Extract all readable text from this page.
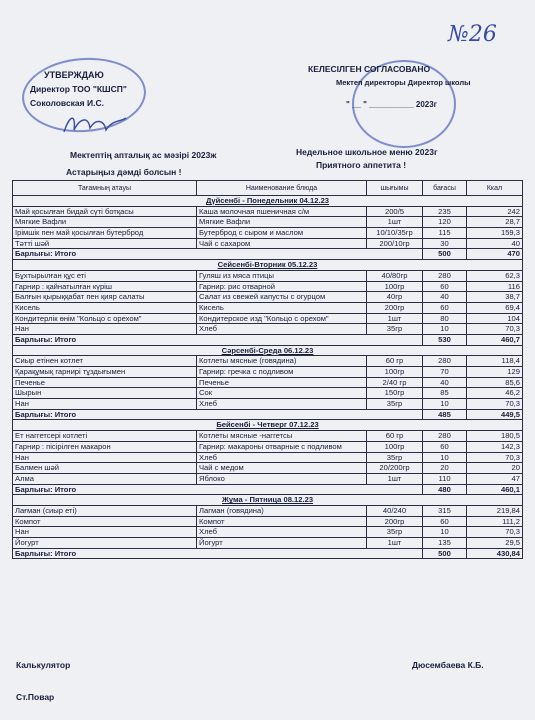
№26
УТВЕРЖДАЮ
Директор ТОО "КШСП"
Соколовская И.С.
КЕЛЕСІЛГЕН СОГЛАСОВАНО
Мектеп директоры Директор школы
" __ " __________ 2023г
Мектептің апталық ас мәзірі 2023ж	Недельное школьное меню 2023г
Астарыңыз дәмді болсын !
Приятного аппетита !
Тағамның атауы	Наименование блюда	шығымы	бағасы	Ккал
Дүйсенбі - Понедельник 04.12.23				
Май қосылған бидай сүті ботқасы	Каша молочная пшеничная с/м	200/5	235	242
Мягкие Вафли	Мягкие Вафли	1шт	120	28,7
Ірімшік пен май қосылған бутерброд	Бутерброд с сыром и маслом	10/10/35гр	115	159,3
Тәтті шәй	Чай с сахаром	200/10гр	30	40
Барлығы: Итого			500	470
Сейсенбі-Вторник 05.12.23				
Бұхтырылған құс еті	Гуляш из мяса птицы	40/80гр	280	62,3
Гарнир : қайнатылған күріш	Гарнир: рис отварной	100гр	60	116
Балғын қырыққабат пен қияр салаты	Салат из свежей капусты с огурцом	40гр	40	38,7
Кисель	Кисель	200гр	60	69,4
Кондитерлік өнім "Кольцо с орехом"	Кондитерское изд "Кольцо с орехом"	1шт	80	104
Нан	Хлеб	35гр	10	70,3
Барлығы: Итого			530	460,7
Сәрсенбі-Среда 06.12.23				
Сиыр етінен котлет	Котлеты мясные (говядина)	60 гр	280	118,4
Қарақұмық гарнирі тұздығымен	Гарнир: гречка с подливом	100гр	70	129
Печенье	Печенье	2/40 гр	40	85,6
Шырын	Сок	150гр	85	46,2
Нан	Хлеб	35гр	10	70,3
Барлығы: Итого			485	449,5
Бейсенбі - Четверг 07.12.23				
Ет наггетсері котлеті	Котлеты мясные -наггетсы	60 гр	280	180,5
Гарнир : пісірілген макарон	Гарнир: макароны отварные с подливом	100гр	60	142,3
Нан	Хлеб	35гр	10	70,3
Балмен шәй	Чай с медом	20/200гр	20	20
Алма	Яблоко	1шт	110	47
Барлығы: Итого			480	460,1
Жұма - Пятница 08.12.23				
Лағман (сиыр еті)	Лагман (говядина)	40/240	315	219,84
Компот	Компот	200гр	60	111,2
Нан	Хлеб	35гр	10	70,3
Йогурт	Йогурт	1шт	135	29,5
Барлығы: Итого			500	430,84
Калькулятор	Дюсембаева К.Б.
Ст.Повар
